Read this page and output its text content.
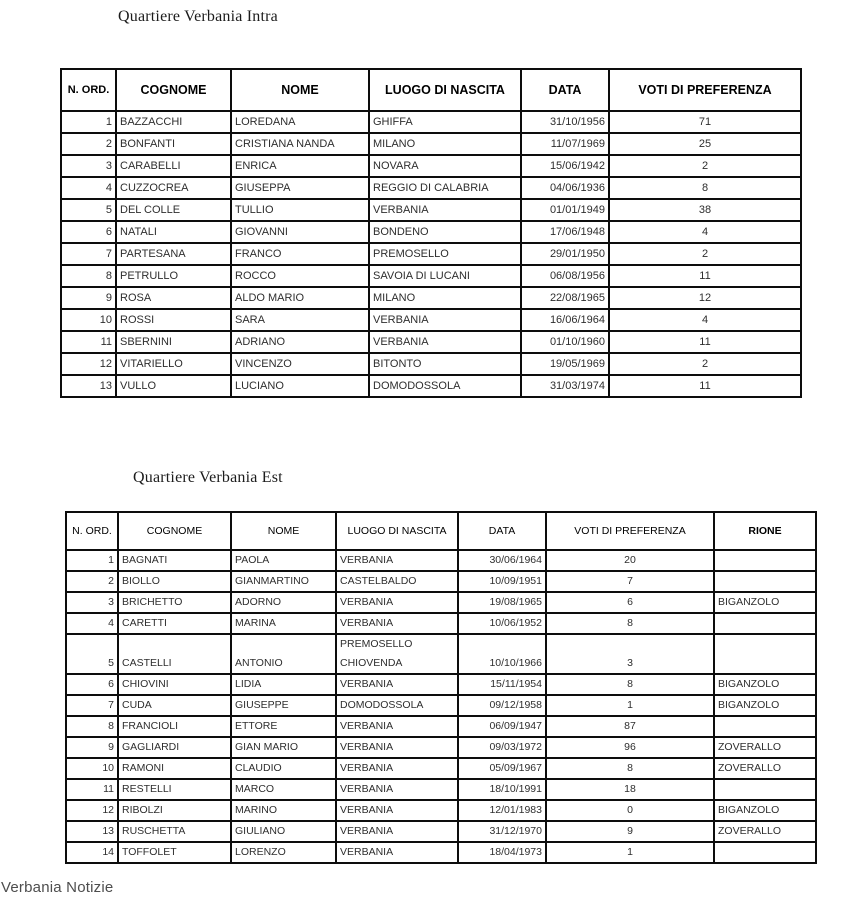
Quartiere Verbania Intra
N. ORD.	COGNOME	NOME	LUOGO DI NASCITA	DATA	VOTI DI PREFERENZA
1	BAZZACCHI	LOREDANA	GHIFFA	31/10/1956	71
2	BONFANTI	CRISTIANA NANDA	MILANO	11/07/1969	25
3	CARABELLI	ENRICA	NOVARA	15/06/1942	2
4	CUZZOCREA	GIUSEPPA	REGGIO DI CALABRIA	04/06/1936	8
5	DEL COLLE	TULLIO	VERBANIA	01/01/1949	38
6	NATALI	GIOVANNI	BONDENO	17/06/1948	4
7	PARTESANA	FRANCO	PREMOSELLO	29/01/1950	2
8	PETRULLO	ROCCO	SAVOIA DI LUCANI	06/08/1956	11
9	ROSA	ALDO MARIO	MILANO	22/08/1965	12
10	ROSSI	SARA	VERBANIA	16/06/1964	4
11	SBERNINI	ADRIANO	VERBANIA	01/10/1960	11
12	VITARIELLO	VINCENZO	BITONTO	19/05/1969	2
13	VULLO	LUCIANO	DOMODOSSOLA	31/03/1974	11
Quartiere Verbania Est
N. ORD.	COGNOME	NOME	LUOGO DI NASCITA	DATA	VOTI DI PREFERENZA	RIONE
1	BAGNATI	PAOLA	VERBANIA	30/06/1964	20	
2	BIOLLO	GIANMARTINO	CASTELBALDO	10/09/1951	7	
3	BRICHETTO	ADORNO	VERBANIA	19/08/1965	6	BIGANZOLO
4	CARETTI	MARINA	VERBANIA	10/06/1952	8	
5	CASTELLI	ANTONIO	PREMOSELLO CHIOVENDA	10/10/1966	3	
6	CHIOVINI	LIDIA	VERBANIA	15/11/1954	8	BIGANZOLO
7	CUDA	GIUSEPPE	DOMODOSSOLA	09/12/1958	1	BIGANZOLO
8	FRANCIOLI	ETTORE	VERBANIA	06/09/1947	87	
9	GAGLIARDI	GIAN MARIO	VERBANIA	09/03/1972	96	ZOVERALLO
10	RAMONI	CLAUDIO	VERBANIA	05/09/1967	8	ZOVERALLO
11	RESTELLI	MARCO	VERBANIA	18/10/1991	18	
12	RIBOLZI	MARINO	VERBANIA	12/01/1983	0	BIGANZOLO
13	RUSCHETTA	GIULIANO	VERBANIA	31/12/1970	9	ZOVERALLO
14	TOFFOLET	LORENZO	VERBANIA	18/04/1973	1	
Verbania Notizie
